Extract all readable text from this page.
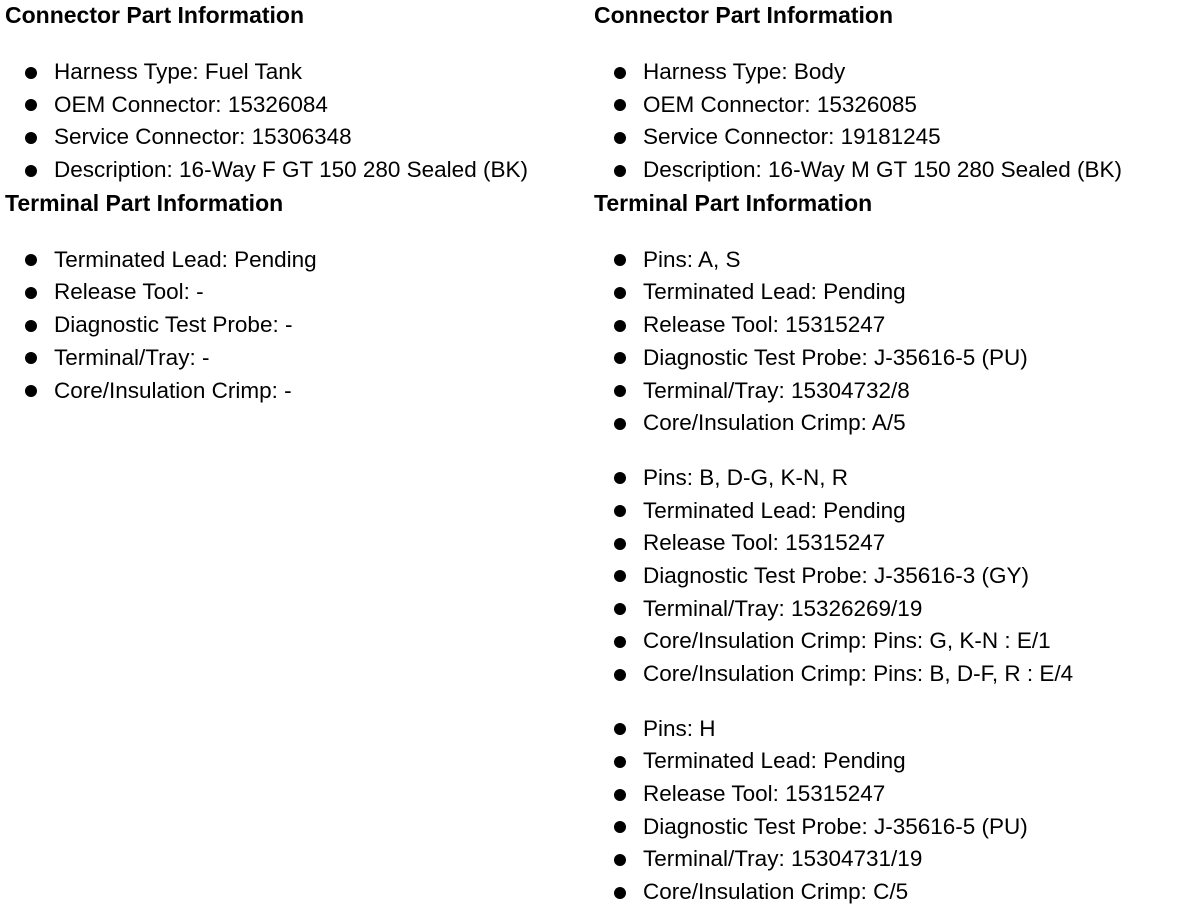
Connector Part Information
Harness Type: Fuel Tank
OEM Connector: 15326084
Service Connector: 15306348
Description: 16-Way F GT 150 280 Sealed (BK)
Terminal Part Information
Terminated Lead: Pending
Release Tool: -
Diagnostic Test Probe: -
Terminal/Tray: -
Core/Insulation Crimp: -
Connector Part Information
Harness Type: Body
OEM Connector: 15326085
Service Connector: 19181245
Description: 16-Way M GT 150 280 Sealed (BK)
Terminal Part Information
Pins: A, S
Terminated Lead: Pending
Release Tool: 15315247
Diagnostic Test Probe: J-35616-5 (PU)
Terminal/Tray: 15304732/8
Core/Insulation Crimp: A/5
Pins: B, D-G, K-N, R
Terminated Lead: Pending
Release Tool: 15315247
Diagnostic Test Probe: J-35616-3 (GY)
Terminal/Tray: 15326269/19
Core/Insulation Crimp: Pins: G, K-N : E/1
Core/Insulation Crimp: Pins: B, D-F, R : E/4
Pins: H
Terminated Lead: Pending
Release Tool: 15315247
Diagnostic Test Probe: J-35616-5 (PU)
Terminal/Tray: 15304731/19
Core/Insulation Crimp: C/5
